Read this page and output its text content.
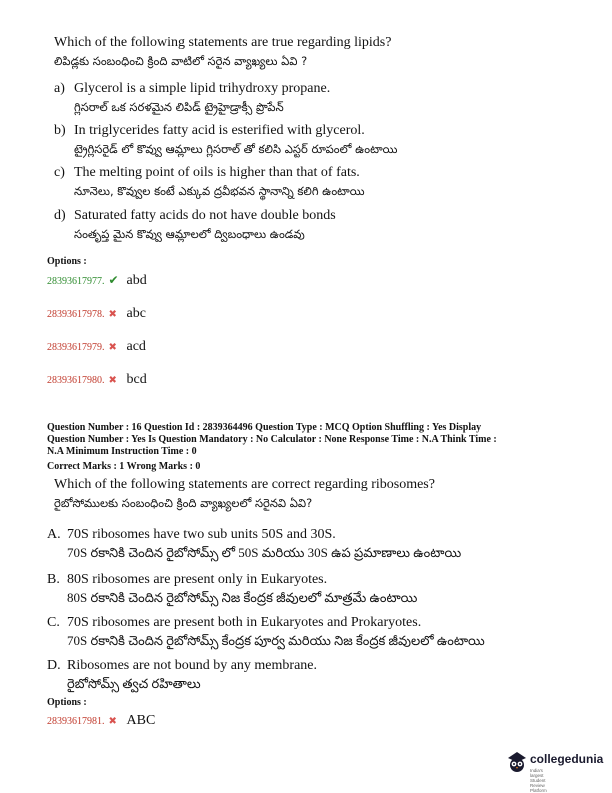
Which of the following statements are true regarding lipids?
లిపిడ్లకు సంబంధించి క్రింది వాటిలో సరైన వ్యాఖ్యలు ఏవి ?
a) Glycerol is a simple lipid trihydroxy propane.
గ్లిసరాల్ ఒక సరళమైన లిపిడ్ ట్రైహైడ్రాక్సీ ప్రొపేన్
b) In triglycerides fatty acid is esterified with glycerol.
ట్రైగ్లిసరైడ్ లో కొవ్వు ఆమ్లాలు గ్లిసరాల్ తో కలిసి ఎస్టర్ రూపంలో ఉంటాయి
c) The melting point of oils is higher than that of fats.
నూనెలు, కొవ్వుల కంటే ఎక్కువ ద్రవీభవన స్థానాన్ని కలిగి ఉంటాయి
d) Saturated fatty acids do not have double bonds
సంతృప్త మైన కొవ్వు ఆమ్లాలలో ద్విబంధాలు ఉండవు
Options :
28393617977. ✔ abd
28393617978. ✖ abc
28393617979. ✖ acd
28393617980. ✖ bcd
Question Number : 16 Question Id : 2839364496 Question Type : MCQ Option Shuffling : Yes Display
Question Number : Yes Is Question Mandatory : No Calculator : None Response Time : N.A Think Time :
N.A Minimum Instruction Time : 0
Correct Marks : 1 Wrong Marks : 0
Which of the following statements are correct regarding ribosomes?
రైబోసోములకు సంబంధించి క్రింది వ్యాఖ్యలలో సరైనవి ఏవి?
A. 70S ribosomes have two sub units 50S and 30S.
70S రకానికి చెందిన రైబోసోమ్స్ లో 50S మరియు 30S ఉప ప్రమాణాలు ఉంటాయి
B. 80S ribosomes are present only in Eukaryotes.
80S రకానికి చెందిన రైబోసోమ్స్ నిజ కేంద్రక జీవులలో మాత్రమే ఉంటాయి
C. 70S ribosomes are present both in Eukaryotes and Prokaryotes.
70S రకానికి చెందిన రైబోసోమ్స్ కేంద్రక పూర్వ మరియు నిజ కేంద్రక జీవులలో ఉంటాయి
D. Ribosomes are not bound by any membrane.
రైబోసోమ్స్ త్వచ రహితాలు
Options :
28393617981. ✖ ABC
collegedunia
India's largest Student Review Platform
